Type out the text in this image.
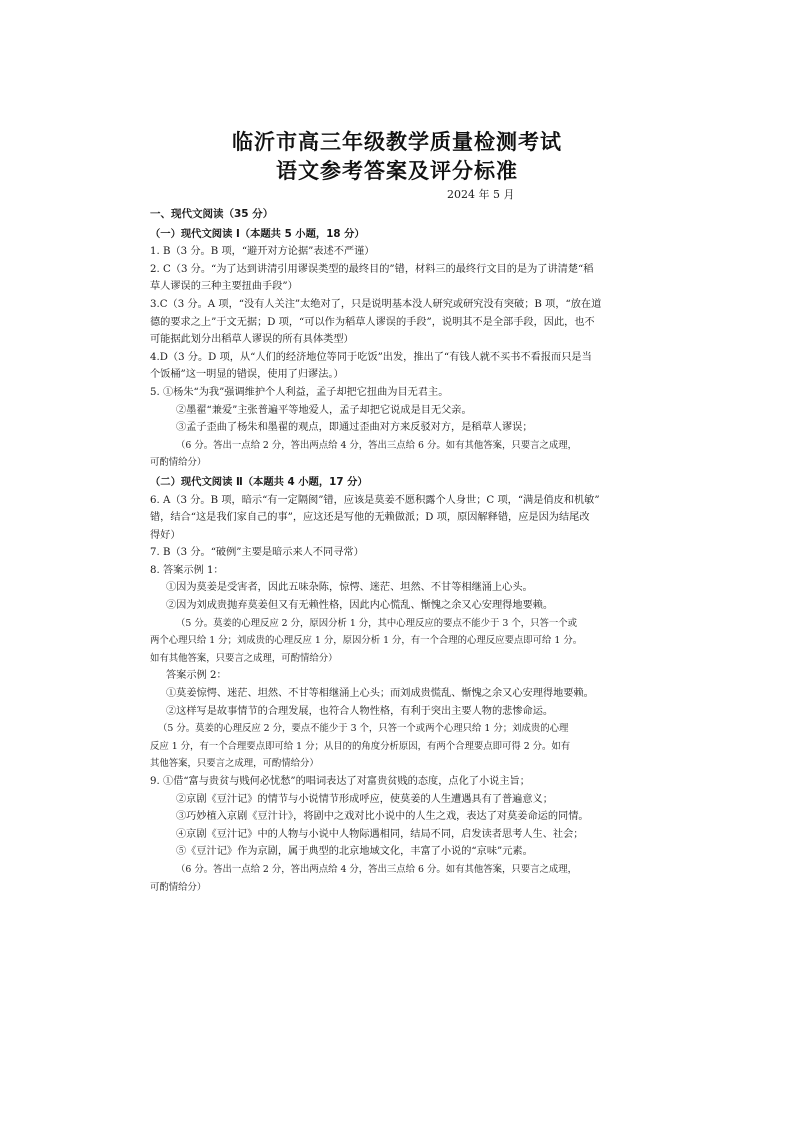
临沂市高三年级教学质量检测考试
语文参考答案及评分标准
2024 年 5 月

一、现代文阅读（35 分）

（一）现代文阅读 Ⅰ（本题共 5 小题，18 分）

1. B（3 分。B 项，“避开对方论据”表述不严谨）

2. C（3 分。“为了达到讲清引用谬误类型的最终目的”错，材料三的最终行文目的是为了讲清楚“稻

草人谬误的三种主要扭曲手段”）

3.C（3 分。A 项，“没有人关注”太绝对了，只是说明基本没人研究或研究没有突破；B 项，“放在道

德的要求之上”于文无据；D 项，“可以作为稻草人谬误的手段”，说明其不是全部手段，因此，也不

可能据此划分出稻草人谬误的所有具体类型）

4.D（3 分。D 项，从“人们的经济地位等同于吃饭”出发，推出了“有钱人就不买书不看报而只是当

个饭桶”这一明显的错误，使用了归谬法。）

5. ①杨朱“为我”强调维护个人利益，孟子却把它扭曲为目无君主。

②墨翟“兼爱”主张普遍平等地爱人，孟子却把它说成是目无父亲。

③孟子歪曲了杨朱和墨翟的观点，即通过歪曲对方来反驳对方，是稻草人谬误；

（6 分。答出一点给 2 分，答出两点给 4 分，答出三点给 6 分。如有其他答案，只要言之成理，

可酌情给分）

（二）现代文阅读 Ⅱ（本题共 4 小题，17 分）

6. A（3 分。B 项，暗示“有一定隔阂”错，应该是莫姜不愿积露个人身世；C 项，“满是俏皮和机敏”

错，结合“这是我们家自己的事”，应这还是写他的无赖做派；D 项，原因解释错，应是因为结尾改

得好）

7. B（3 分。“破例”主要是暗示来人不同寻常）

8. 答案示例 1：

①因为莫姜是受害者，因此五味杂陈，惊愕、迷茫、坦然、不甘等相继涌上心头。

②因为刘成贵抛弃莫姜但又有无赖性格，因此内心慌乱、惭愧之余又心安理得地要赖。

（5 分。莫姜的心理反应 2 分，原因分析 1 分，其中心理反应的要点不能少于 3 个，只答一个或

两个心理只给 1 分；刘成贵的心理反应 1 分，原因分析 1 分，有一个合理的心理反应要点即可给 1 分。

如有其他答案，只要言之成理，可酌情给分）

答案示例 2：

①莫姜惊愕、迷茫、坦然、不甘等相继涌上心头；而刘成贵慌乱、惭愧之余又心安理得地要赖。

②这样写是故事情节的合理发展，也符合人物性格，有利于突出主要人物的悲惨命运。

（5 分。莫姜的心理反应 2 分，要点不能少于 3 个，只答一个或两个心理只给 1 分；刘成贵的心理

反应 1 分，有一个合理要点即可给 1 分；从目的的角度分析原因，有两个合理要点即可得 2 分。如有

其他答案，只要言之成理，可酌情给分）

9. ①借“富与贵贫与贱何必忧愁”的唱词表达了对富贵贫贱的态度，点化了小说主旨；

②京剧《豆汁记》的情节与小说情节形成呼应，使莫姜的人生遭遇具有了普遍意义；

③巧妙植入京剧《豆汁计》，将剧中之戏对比小说中的人生之戏，表达了对莫姜命运的同情。

④京剧《豆汁记》中的人物与小说中人物际遇相同，结局不同，启发读者思考人生、社会；

⑤《豆汁记》作为京剧，属于典型的北京地域文化，丰富了小说的“京味”元素。

（6 分。答出一点给 2 分，答出两点给 4 分，答出三点给 6 分。如有其他答案，只要言之成理，

可酌情给分）
